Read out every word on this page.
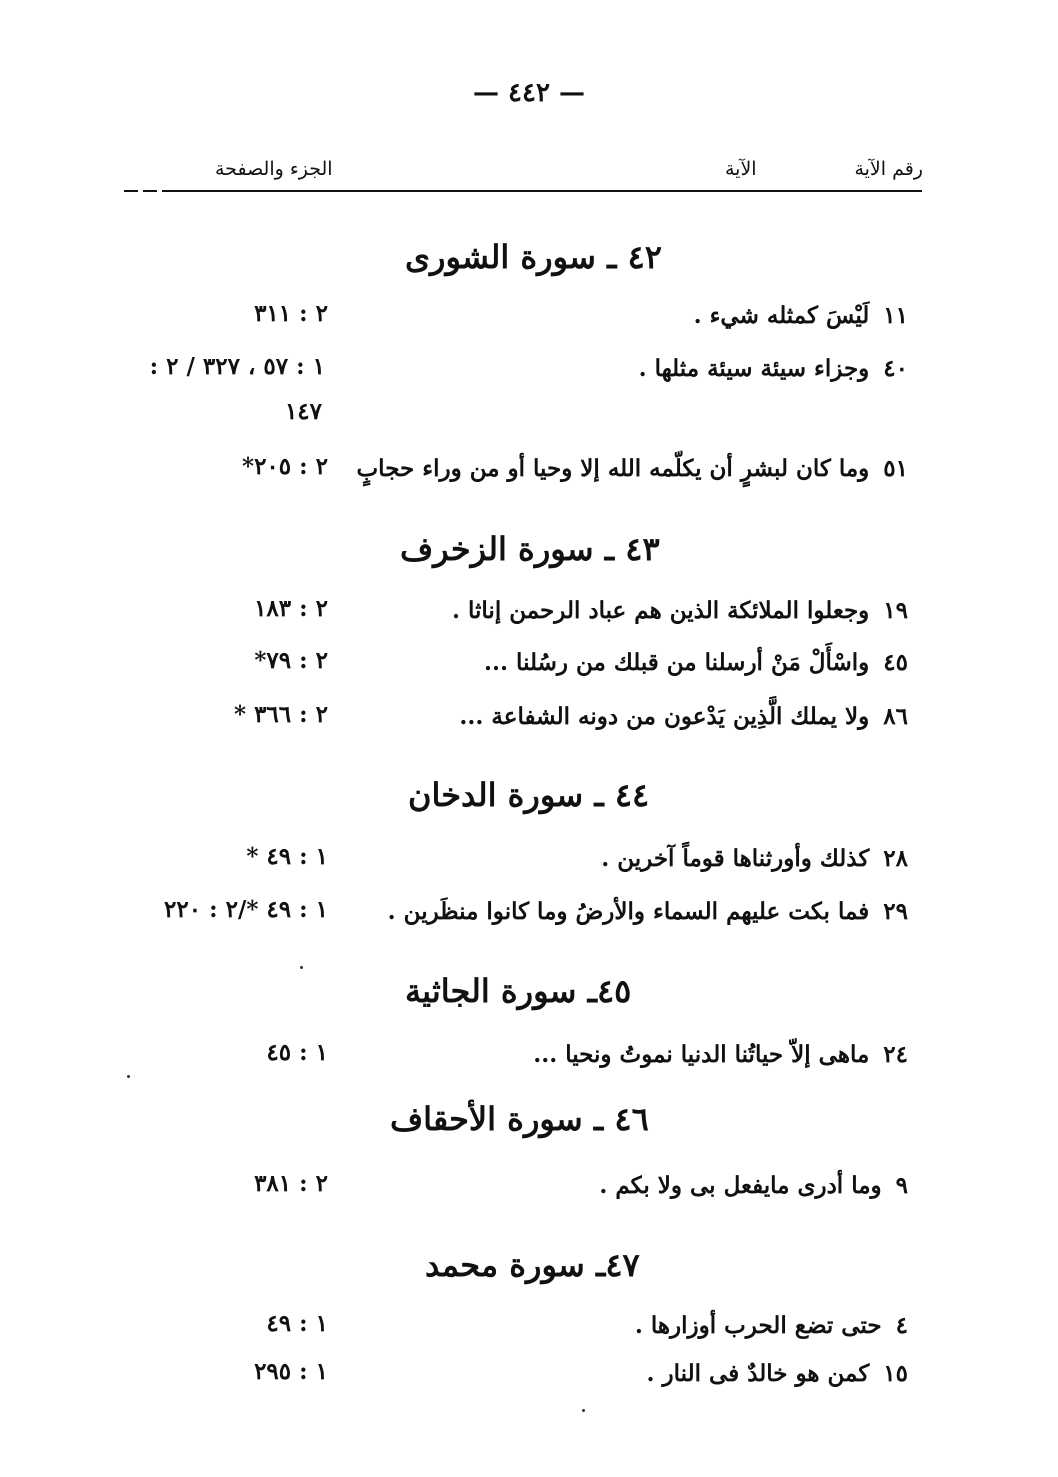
— ٤٤٢ —
رقم الآية
الآية
الجزء والصفحة
٤٢ ـ سورة الشورى
١١لَيْسَ كمثله شيء .
٢ : ٣١١
٤٠وجزاء سيئة سيئة مثلها .
١ : ٥٧ ، ٣٢٧ / ٢ :
١٤٧
٥١وما كان لبشرٍ أن يكلّمه الله إلا وحيا أو من وراء حجابٍ
٢ : ٢٠٥*
٤٣ ـ سورة الزخرف
١٩وجعلوا الملائكة الذين هم عباد الرحمن إناثا .
٢ : ١٨٣
٤٥واسْأَلْ مَنْ أرسلنا من قبلك من رسُلنا ...
٢ : ٧٩*
٨٦ولا يملك الَّذِين يَدْعون من دونه الشفاعة ...
٢ : ٣٦٦ *
٤٤ ـ سورة الدخان
٢٨كذلك وأورثناها قوماً آخرين .
١ : ٤٩ *
٢٩فما بكت عليهم السماء والأرضُ وما كانوا منظَرين .
١ : ٤٩ */٢ : ٢٢٠
٤٥ـ سورة الجاثية
٢٤ماهى إلاّ حياتُنا الدنيا نموتُ ونحيا ...
١ : ٤٥
٤٦ ـ سورة الأحقاف
٩وما أدرى مايفعل بى ولا بكم .
٢ : ٣٨١
٤٧ـ سورة محمد
٤حتى تضع الحرب أوزارها .
١ : ٤٩
١٥كمن هو خالدٌ فى النار .
١ : ٢٩٥
